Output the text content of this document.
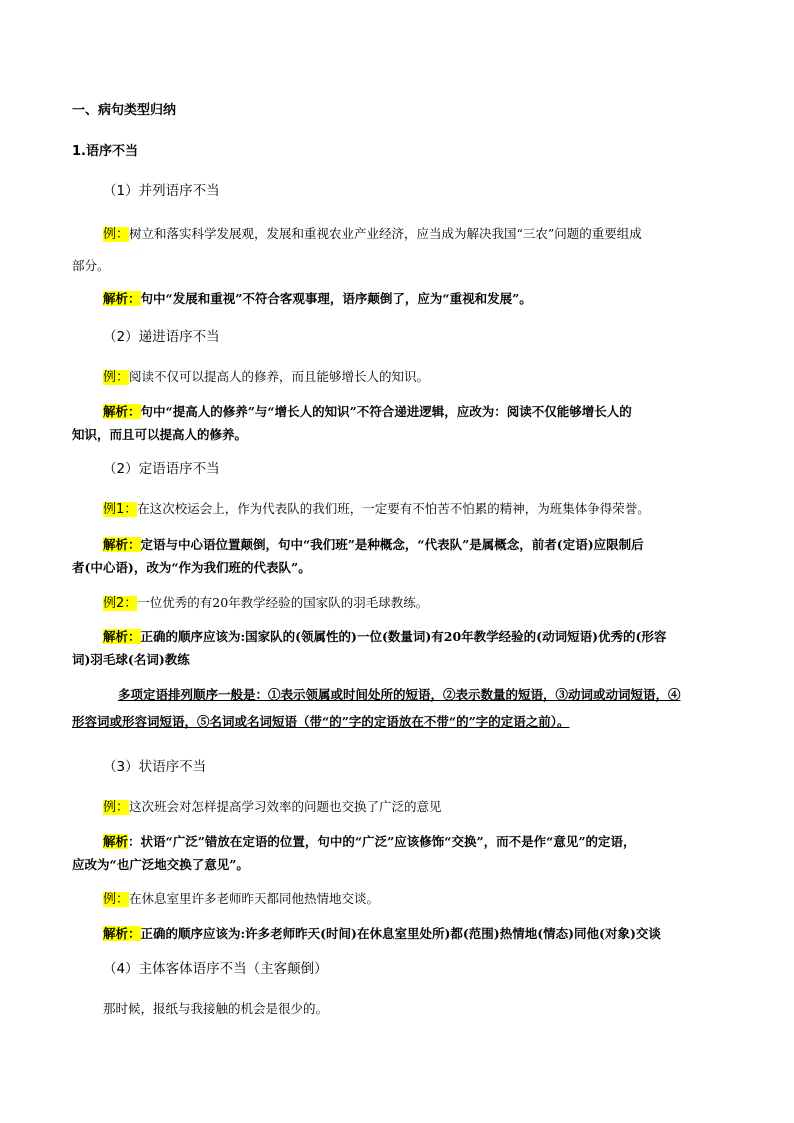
一、病句类型归纳
1.语序不当
（1）并列语序不当
例：树立和落实科学发展观，发展和重视农业产业经济，应当成为解决我国“三农”问题的重要组成
部分。
解析：句中“发展和重视”不符合客观事理，语序颠倒了，应为“重视和发展”。
（2）递进语序不当
例：阅读不仅可以提高人的修养，而且能够增长人的知识。
解析：句中“提高人的修养”与“增长人的知识”不符合递进逻辑，应改为：阅读不仅能够增长人的
知识，而且可以提高人的修养。
（2）定语语序不当
例1：在这次校运会上，作为代表队的我们班，一定要有不怕苦不怕累的精神，为班集体争得荣誉。
解析：定语与中心语位置颠倒，句中“我们班”是种概念，“代表队”是属概念，前者(定语)应限制后
者(中心语)，改为“作为我们班的代表队”。
例2：一位优秀的有20年教学经验的国家队的羽毛球教练。
解析：正确的顺序应该为:国家队的(领属性的)一位(数量词)有20年教学经验的(动词短语)优秀的(形容
词)羽毛球(名词)教练
多项定语排列顺序一般是：①表示领属或时间处所的短语，②表示数量的短语，③动词或动词短语，④
形容词或形容词短语，⑤名词或名词短语（带“的”字的定语放在不带“的”字的定语之前）。
（3）状语序不当
例：这次班会对怎样提高学习效率的问题也交换了广泛的意见
解析：状语“广泛”错放在定语的位置，句中的“广泛”应该修饰“交换”，而不是作“意见”的定语，
应改为“也广泛地交换了意见”。
例：在休息室里许多老师昨天都同他热情地交谈。
解析：正确的顺序应该为:许多老师昨天(时间)在休息室里处所)都(范围)热情地(情态)同他(对象)交谈
（4）主体客体语序不当（主客颠倒）
那时候，报纸与我接触的机会是很少的。
